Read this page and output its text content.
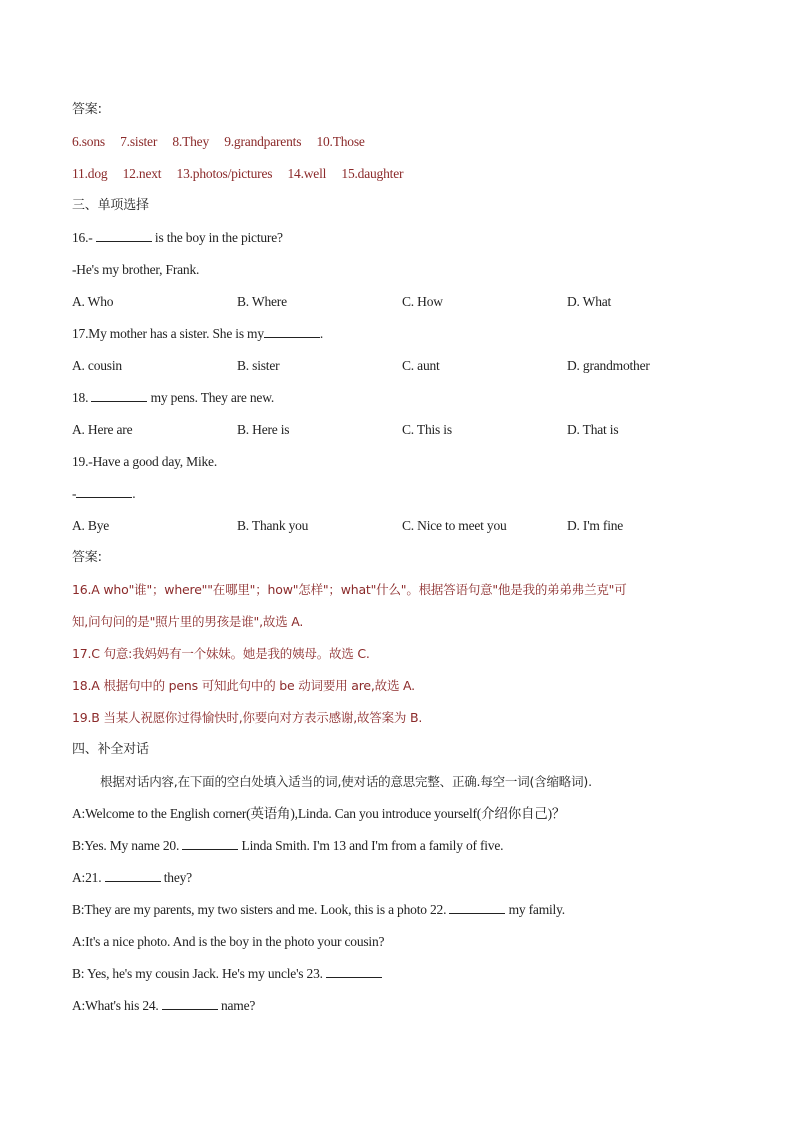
答案:
6.sons 7.sister 8.They 9.grandparents 10.Those
11.dog 12.next 13.photos/pictures 14.well 15.daughter
三、单项选择
16.-	is the boy in the picture?
-He's my brother, Frank.
A. Who	B. Where	C. How	D. What
17.My mother has a sister. She is my	.
A. cousin	B. sister	C. aunt	D. grandmother
18.	my pens. They are new.
A. Here are	B. Here is	C. This is	D. That is
19.-Have a good day, Mike.
-	.
A. Bye	B. Thank you	C. Nice to meet you	D. I'm fine
答案:
16.A who"谁"；where""在哪里"；how"怎样"；what"什么"。根据答语句意"他是我的弟弟弗兰克"可
知,问句问的是"照片里的男孩是谁",故选 A.
17.C 句意:我妈妈有一个妹妹。她是我的姨母。故选 C.
18.A 根据句中的 pens 可知此句中的 be 动词要用 are,故选 A.
19.B 当某人祝愿你过得愉快时,你要向对方表示感谢,故答案为 B.
四、补全对话
根据对话内容,在下面的空白处填入适当的词,使对话的意思完整、正确.每空一词(含缩略词).
A:Welcome to the English corner(英语角),Linda. Can you introduce yourself(介绍你自己)？
B:Yes. My name 20.	Linda Smith. I'm 13 and I'm from a family of five.
A:21.	they?
B:They are my parents, my two sisters and me. Look, this is a photo 22.	my family.
A:It's a nice photo. And is the boy in the photo your cousin?
B: Yes, he's my cousin Jack. He's my uncle's 23.
A:What's his 24.	name?
